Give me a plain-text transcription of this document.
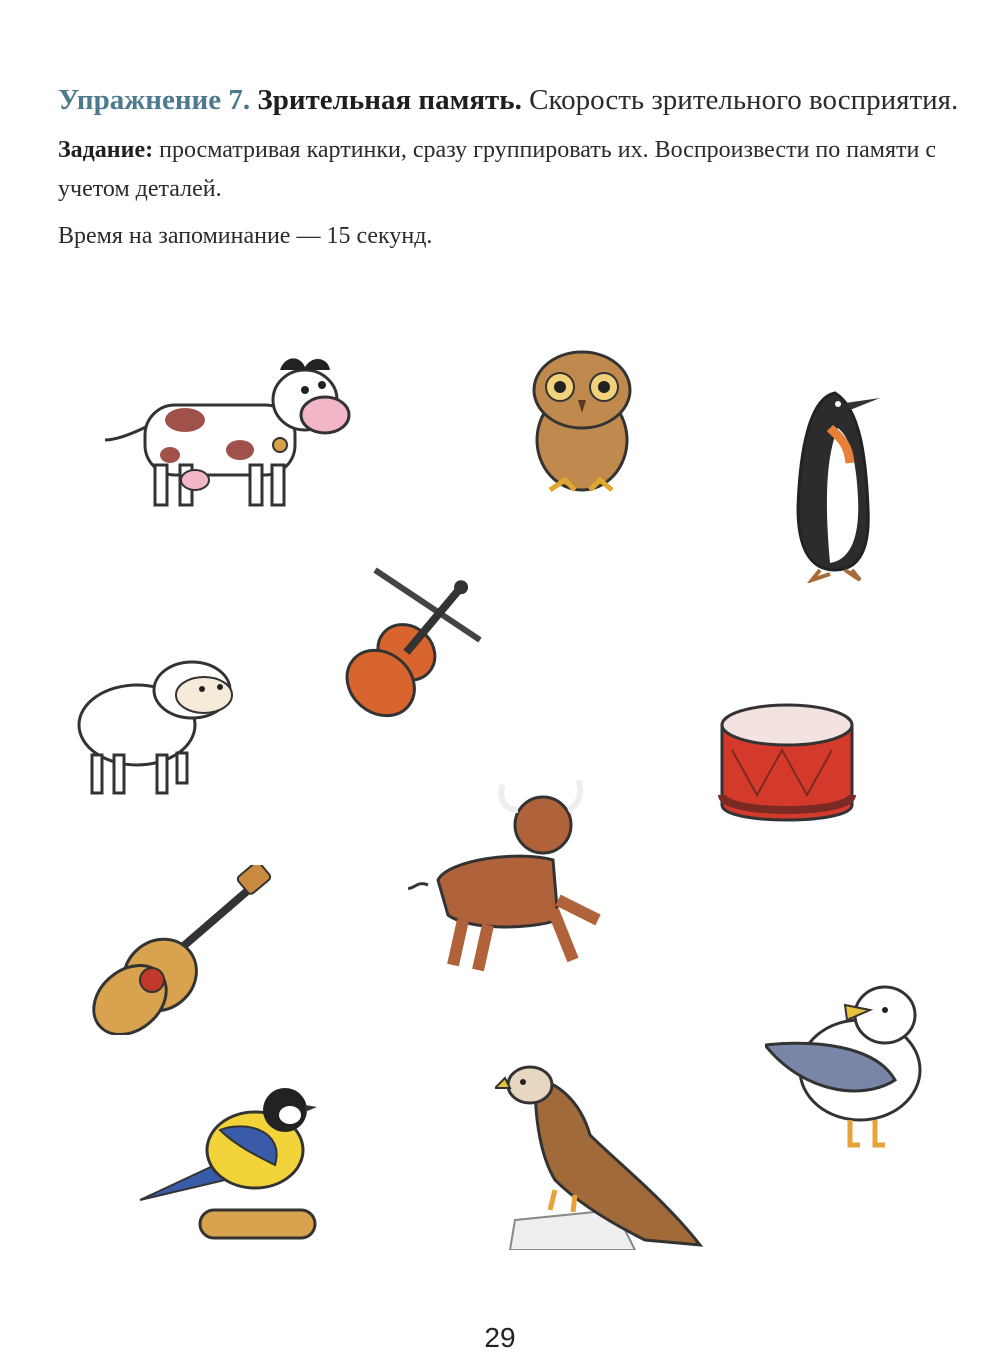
Упражнение 7. Зрительная память. Скорость зрительного восприятия.

Задание: просматривая картинки, сразу группировать их. Воспроизвести по памяти с учетом деталей.

Время на запоминание — 15 секунд.

29
